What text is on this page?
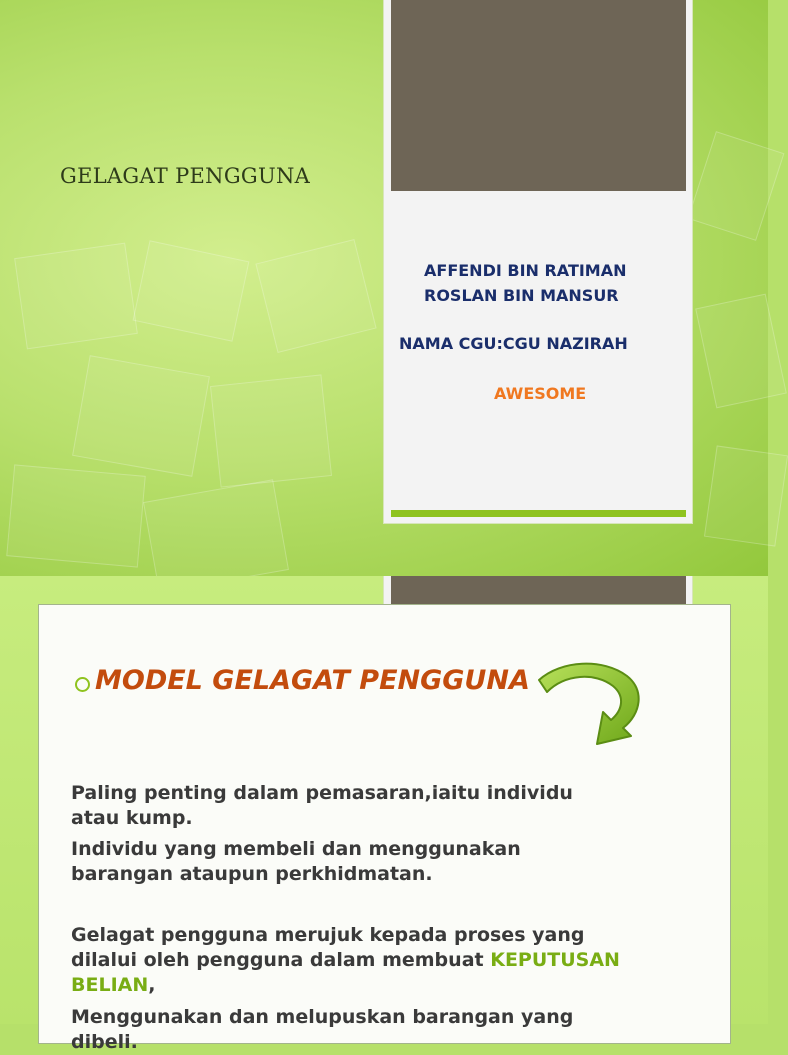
GELAGAT PENGGUNA
AFFENDI BIN RATIMAN
ROSLAN BIN MANSUR
NAMA CGU:CGU NAZIRAH
AWESOME
MODEL GELAGAT PENGGUNA
Paling penting dalam pemasaran,iaitu individu
atau kump.
Individu yang membeli dan menggunakan
barangan ataupun perkhidmatan.
Gelagat pengguna merujuk kepada proses yang
dilalui oleh pengguna dalam membuat KEPUTUSAN
BELIAN,
Menggunakan dan melupuskan barangan yang
dibeli.
